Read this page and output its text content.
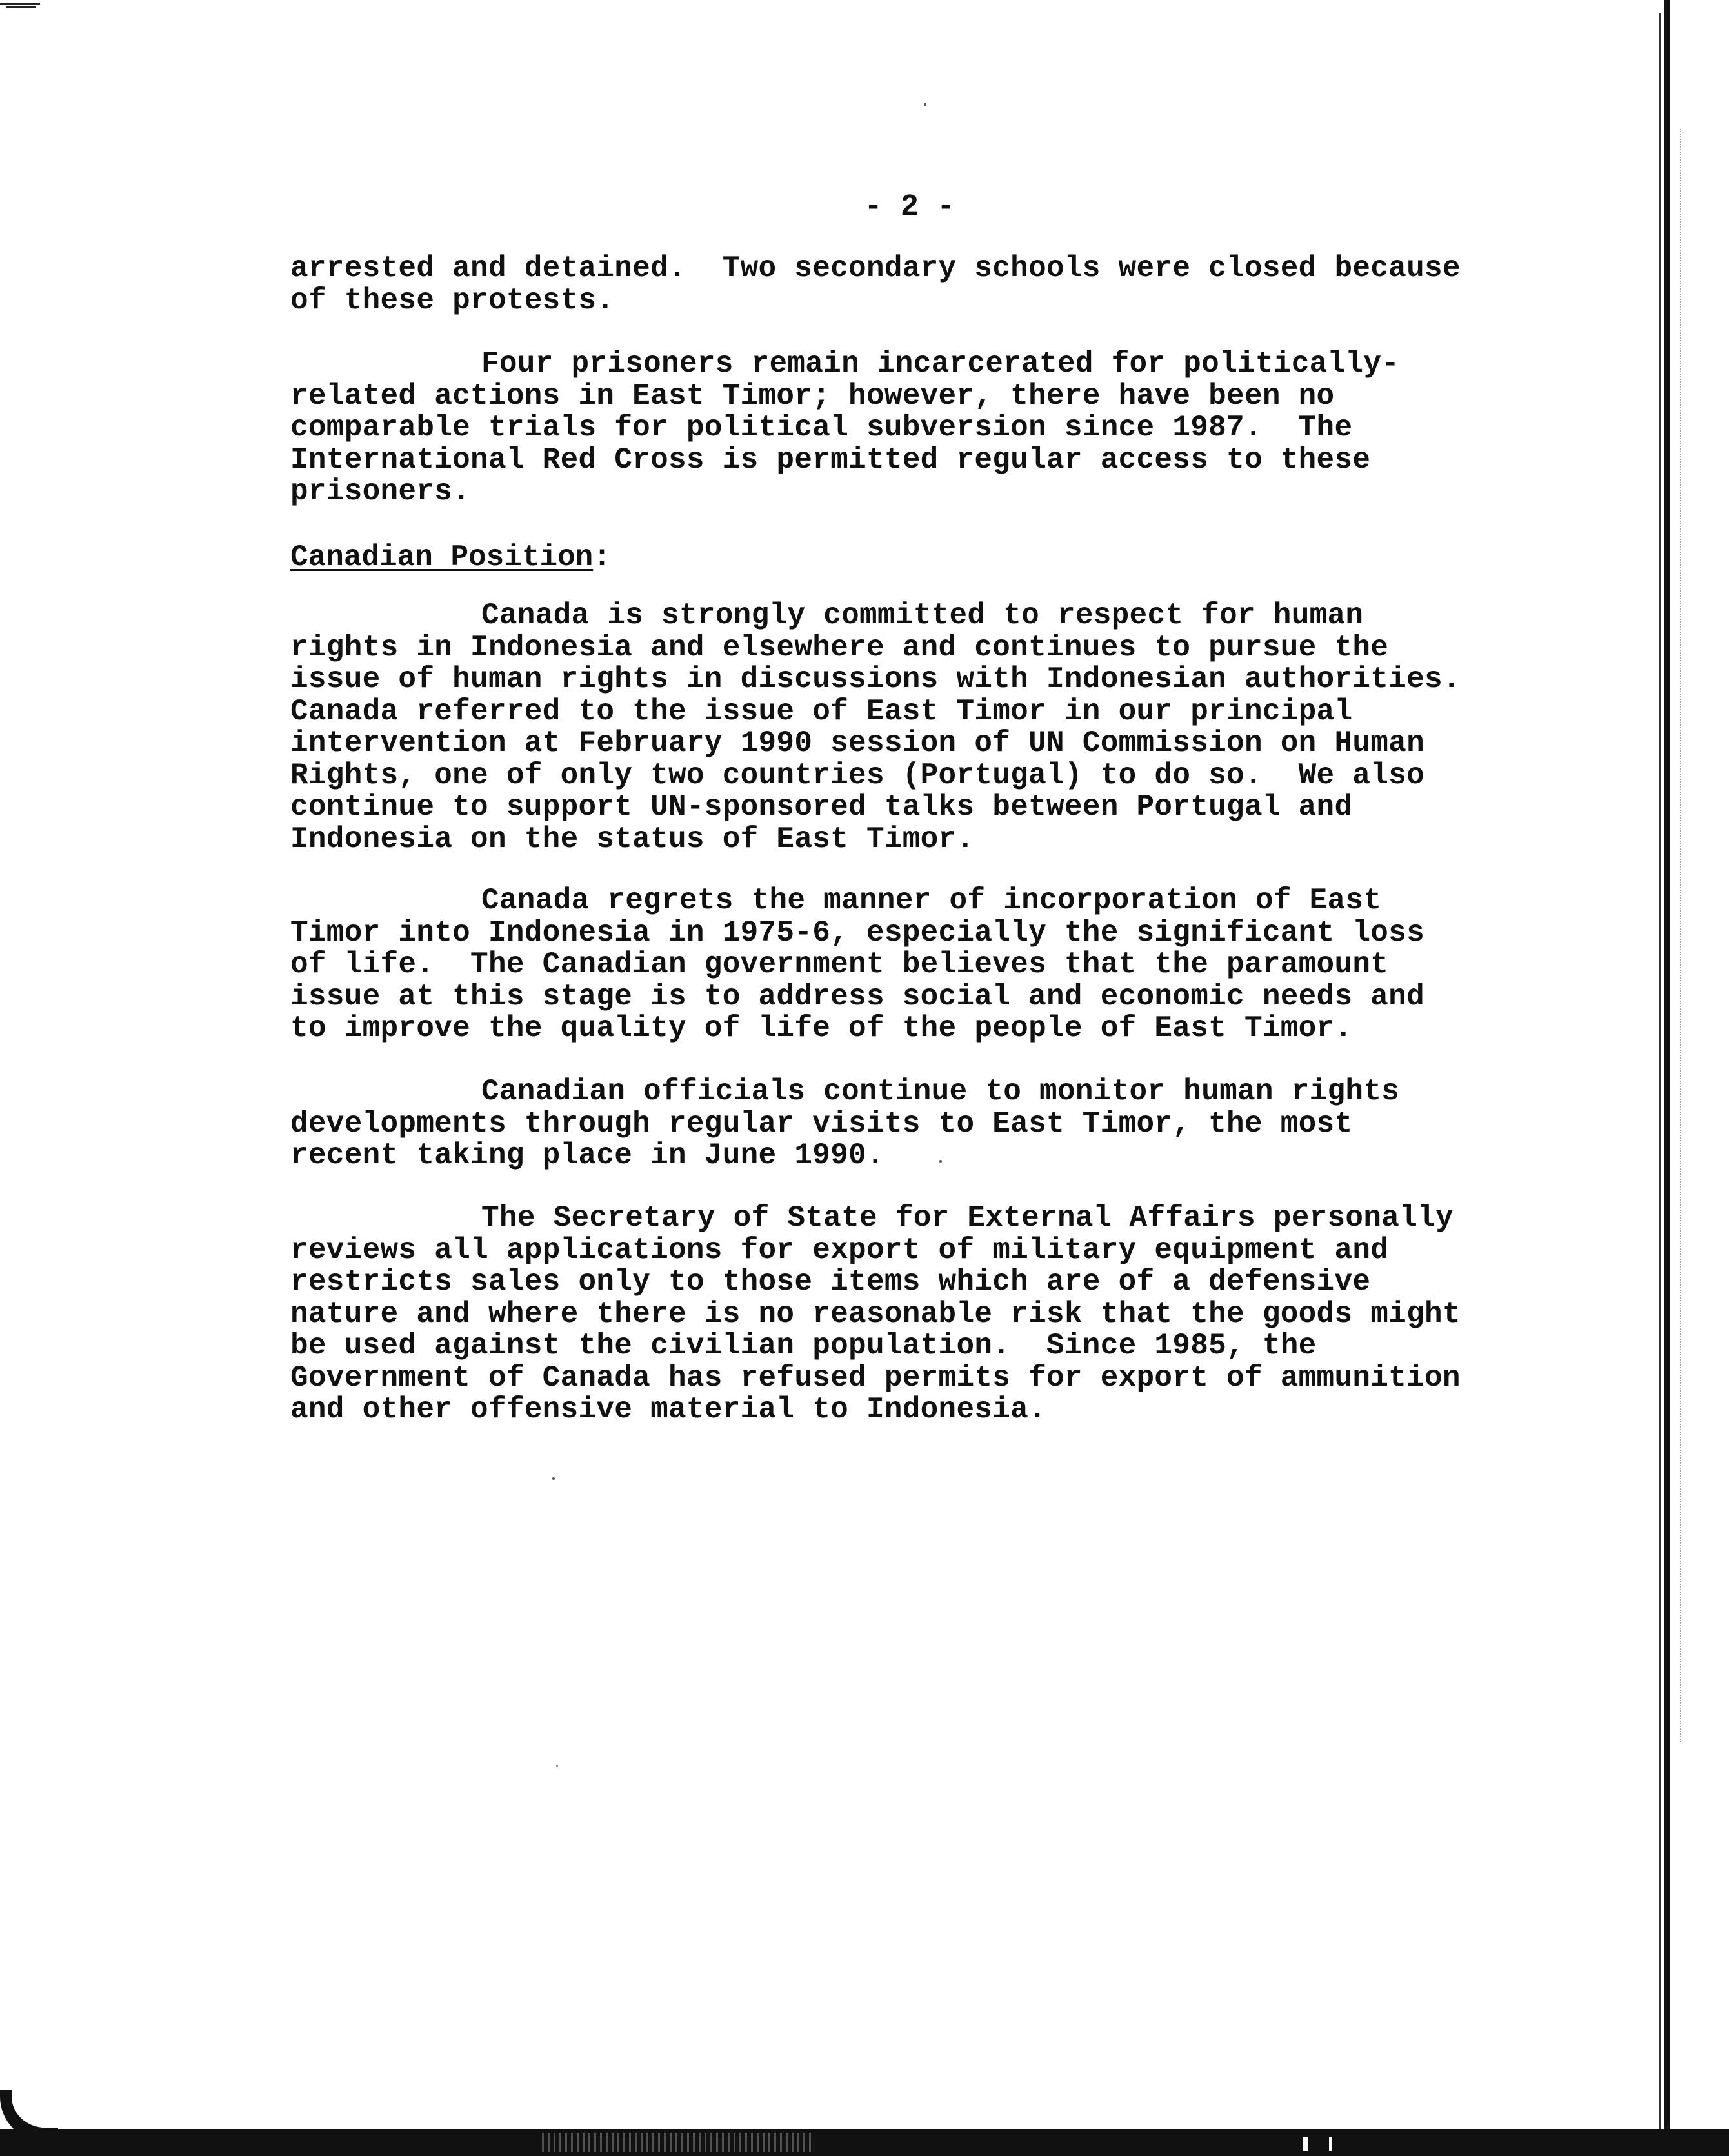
- 2 -
arrested and detained.  Two secondary schools were closed because
of these protests.
Four prisoners remain incarcerated for politically-
related actions in East Timor; however, there have been no
comparable trials for political subversion since 1987.  The
International Red Cross is permitted regular access to these
prisoners.
Canadian Position:
Canada is strongly committed to respect for human
rights in Indonesia and elsewhere and continues to pursue the
issue of human rights in discussions with Indonesian authorities.
Canada referred to the issue of East Timor in our principal
intervention at February 1990 session of UN Commission on Human
Rights, one of only two countries (Portugal) to do so.  We also
continue to support UN-sponsored talks between Portugal and
Indonesia on the status of East Timor.
Canada regrets the manner of incorporation of East
Timor into Indonesia in 1975-6, especially the significant loss
of life.  The Canadian government believes that the paramount
issue at this stage is to address social and economic needs and
to improve the quality of life of the people of East Timor.
Canadian officials continue to monitor human rights
developments through regular visits to East Timor, the most
recent taking place in June 1990.
The Secretary of State for External Affairs personally
reviews all applications for export of military equipment and
restricts sales only to those items which are of a defensive
nature and where there is no reasonable risk that the goods might
be used against the civilian population.  Since 1985, the
Government of Canada has refused permits for export of ammunition
and other offensive material to Indonesia.
